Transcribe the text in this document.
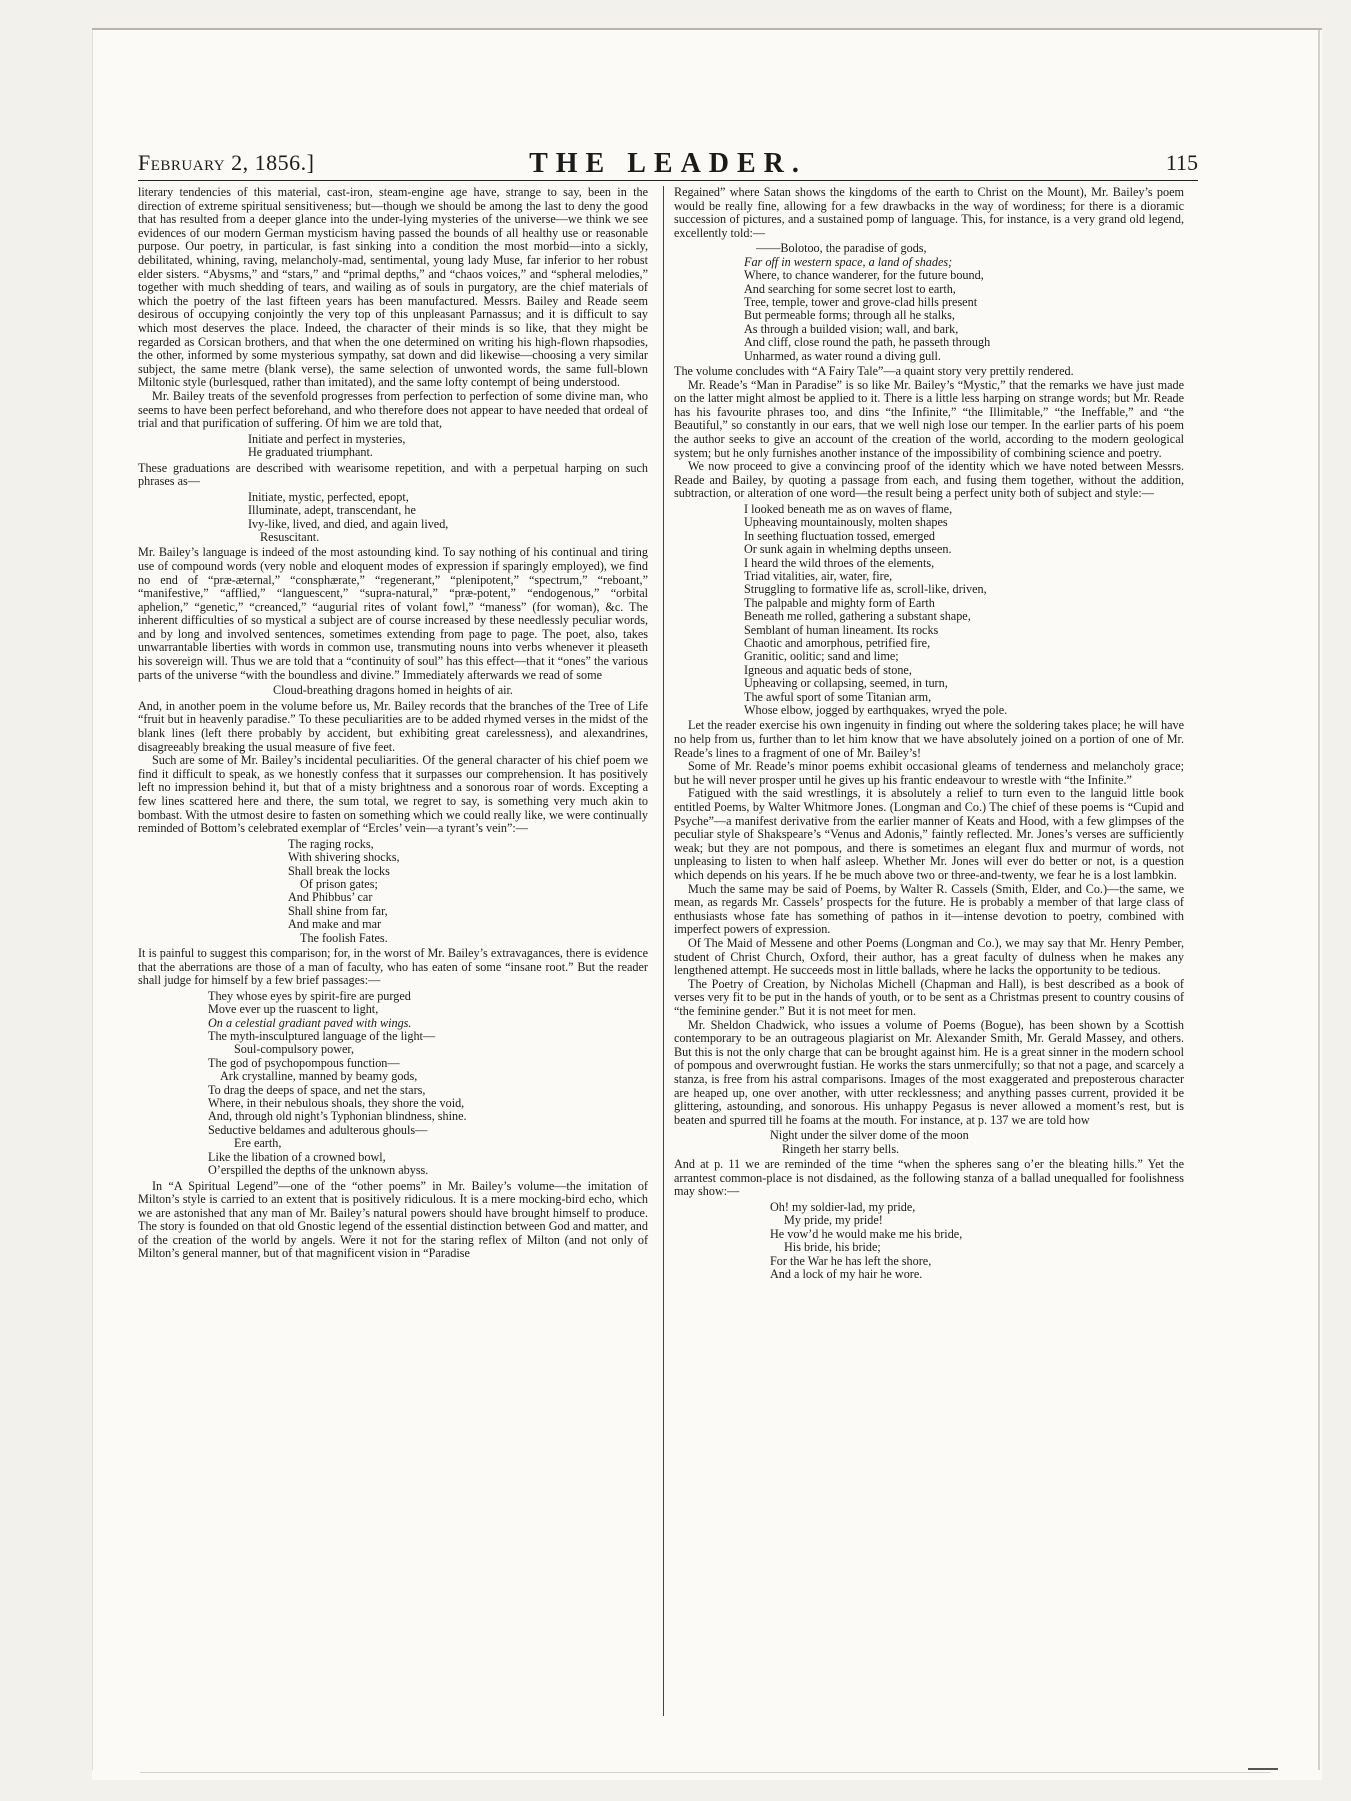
February 2, 1856.]	THE LEADER.	115

literary tendencies of this material, cast-iron, steam-engine age have, strange to say, been in the direction of extreme spiritual sensitiveness; but—though we should be among the last to deny the good that has resulted from a deeper glance into the under-lying mysteries of the universe—we think we see evidences of our modern German mysticism having passed the bounds of all healthy use or reasonable purpose. Our poetry, in particular, is fast sinking into a condition the most morbid—into a sickly, debilitated, whining, raving, melancholy-mad, sentimental, young lady Muse, far inferior to her robust elder sisters. “Abysms,” and “stars,” and “primal depths,” and “chaos voices,” and “spheral melodies,” together with much shedding of tears, and wailing as of souls in purgatory, are the chief materials of which the poetry of the last fifteen years has been manufactured. Messrs. Bailey and Reade seem desirous of occupying conjointly the very top of this unpleasant Parnassus; and it is difficult to say which most deserves the place. Indeed, the character of their minds is so like, that they might be regarded as Corsican brothers, and that when the one determined on writing his high-flown rhapsodies, the other, informed by some mysterious sympathy, sat down and did likewise—choosing a very similar subject, the same metre (blank verse), the same selection of unwonted words, the same full-blown Miltonic style (burlesqued, rather than imitated), and the same lofty contempt of being understood.

Mr. Bailey treats of the sevenfold progresses from perfection to perfection of some divine man, who seems to have been perfect beforehand, and who therefore does not appear to have needed that ordeal of trial and that purification of suffering. Of him we are told that,

Initiate and perfect in mysteries,
He graduated triumphant.

These graduations are described with wearisome repetition, and with a perpetual harping on such phrases as—

Initiate, mystic, perfected, epopt,
Illuminate, adept, transcendant, he
Ivy-like, lived, and died, and again lived,
Resuscitant.

Mr. Bailey’s language is indeed of the most astounding kind. To say nothing of his continual and tiring use of compound words (very noble and eloquent modes of expression if sparingly employed), we find no end of “præ-æternal,” “consphærate,” “regenerant,” “plenipotent,” “spectrum,” “reboant,” “manifestive,” “afflied,” “languescent,” “supra-natural,” “præ-potent,” “endogenous,” “orbital aphelion,” “genetic,” “creanced,” “augurial rites of volant fowl,” “maness” (for woman), &c. The inherent difficulties of so mystical a subject are of course increased by these needlessly peculiar words, and by long and involved sentences, sometimes extending from page to page. The poet, also, takes unwarrantable liberties with words in common use, transmuting nouns into verbs whenever it pleaseth his sovereign will. Thus we are told that a “continuity of soul” has this effect—that it “ones” the various parts of the universe “with the boundless and divine.” Immediately afterwards we read of some

Cloud-breathing dragons homed in heights of air.

And, in another poem in the volume before us, Mr. Bailey records that the branches of the Tree of Life “fruit but in heavenly paradise.” To these peculiarities are to be added rhymed verses in the midst of the blank lines (left there probably by accident, but exhibiting great carelessness), and alexandrines, disagreeably breaking the usual measure of five feet.

Such are some of Mr. Bailey’s incidental peculiarities. Of the general character of his chief poem we find it difficult to speak, as we honestly confess that it surpasses our comprehension. It has positively left no impression behind it, but that of a misty brightness and a sonorous roar of words. Excepting a few lines scattered here and there, the sum total, we regret to say, is something very much akin to bombast. With the utmost desire to fasten on something which we could really like, we were continually reminded of Bottom’s celebrated exemplar of “Ercles’ vein—a tyrant’s vein”:—

The raging rocks,
With shivering shocks,
Shall break the locks
Of prison gates;
And Phibbus’ car
Shall shine from far,
And make and mar
The foolish Fates.

It is painful to suggest this comparison; for, in the worst of Mr. Bailey’s extravagances, there is evidence that the aberrations are those of a man of faculty, who has eaten of some “insane root.” But the reader shall judge for himself by a few brief passages:—

They whose eyes by spirit-fire are purged
Move ever up the ruascent to light,
On a celestial gradiant paved with wings.
The myth-insculptured language of the light—
Soul-compulsory power,
The god of psychopompous function—
Ark crystalline, manned by beamy gods,
To drag the deeps of space, and net the stars,
Where, in their nebulous shoals, they shore the void,
And, through old night’s Typhonian blindness, shine.
Seductive beldames and adulterous ghouls—
Ere earth,
Like the libation of a crowned bowl,
O’erspilled the depths of the unknown abyss.

In “A Spiritual Legend”—one of the “other poems” in Mr. Bailey’s volume—the imitation of Milton’s style is carried to an extent that is positively ridiculous. It is a mere mocking-bird echo, which we are astonished that any man of Mr. Bailey’s natural powers should have brought himself to produce. The story is founded on that old Gnostic legend of the essential distinction between God and matter, and of the creation of the world by angels. Were it not for the staring reflex of Milton (and not only of Milton’s general manner, but of that magnificent vision in “Paradise

Regained” where Satan shows the kingdoms of the earth to Christ on the Mount), Mr. Bailey’s poem would be really fine, allowing for a few drawbacks in the way of wordiness; for there is a dioramic succession of pictures, and a sustained pomp of language. This, for instance, is a very grand old legend, excellently told:—

——Bolotoo, the paradise of gods,
Far off in western space, a land of shades;
Where, to chance wanderer, for the future bound,
And searching for some secret lost to earth,
Tree, temple, tower and grove-clad hills present
But permeable forms; through all he stalks,
As through a builded vision; wall, and bark,
And cliff, close round the path, he passeth through
Unharmed, as water round a diving gull.

The volume concludes with “A Fairy Tale”—a quaint story very prettily rendered.

Mr. Reade’s “Man in Paradise” is so like Mr. Bailey’s “Mystic,” that the remarks we have just made on the latter might almost be applied to it. There is a little less harping on strange words; but Mr. Reade has his favourite phrases too, and dins “the Infinite,” “the Illimitable,” “the Ineffable,” and “the Beautiful,” so constantly in our ears, that we well nigh lose our temper. In the earlier parts of his poem the author seeks to give an account of the creation of the world, according to the modern geological system; but he only furnishes another instance of the impossibility of combining science and poetry.

We now proceed to give a convincing proof of the identity which we have noted between Messrs. Reade and Bailey, by quoting a passage from each, and fusing them together, without the addition, subtraction, or alteration of one word—the result being a perfect unity both of subject and style:—

I looked beneath me as on waves of flame,
Upheaving mountainously, molten shapes
In seething fluctuation tossed, emerged
Or sunk again in whelming depths unseen.
I heard the wild throes of the elements,
Triad vitalities, air, water, fire,
Struggling to formative life as, scroll-like, driven,
The palpable and mighty form of Earth
Beneath me rolled, gathering a substant shape,
Semblant of human lineament. Its rocks
Chaotic and amorphous, petrified fire,
Granitic, oolitic; sand and lime;
Igneous and aquatic beds of stone,
Upheaving or collapsing, seemed, in turn,
The awful sport of some Titanian arm,
Whose elbow, jogged by earthquakes, wryed the pole.

Let the reader exercise his own ingenuity in finding out where the soldering takes place; he will have no help from us, further than to let him know that we have absolutely joined on a portion of one of Mr. Reade’s lines to a fragment of one of Mr. Bailey’s!

Some of Mr. Reade’s minor poems exhibit occasional gleams of tenderness and melancholy grace; but he will never prosper until he gives up his frantic endeavour to wrestle with “the Infinite.”

Fatigued with the said wrestlings, it is absolutely a relief to turn even to the languid little book entitled Poems, by Walter Whitmore Jones. (Longman and Co.) The chief of these poems is “Cupid and Psyche”—a manifest derivative from the earlier manner of Keats and Hood, with a few glimpses of the peculiar style of Shakspeare’s “Venus and Adonis,” faintly reflected. Mr. Jones’s verses are sufficiently weak; but they are not pompous, and there is sometimes an elegant flux and murmur of words, not unpleasing to listen to when half asleep. Whether Mr. Jones will ever do better or not, is a question which depends on his years. If he be much above two or three-and-twenty, we fear he is a lost lambkin.

Much the same may be said of Poems, by Walter R. Cassels (Smith, Elder, and Co.)—the same, we mean, as regards Mr. Cassels’ prospects for the future. He is probably a member of that large class of enthusiasts whose fate has something of pathos in it—intense devotion to poetry, combined with imperfect powers of expression.

Of The Maid of Messene and other Poems (Longman and Co.), we may say that Mr. Henry Pember, student of Christ Church, Oxford, their author, has a great faculty of dulness when he makes any lengthened attempt. He succeeds most in little ballads, where he lacks the opportunity to be tedious.

The Poetry of Creation, by Nicholas Michell (Chapman and Hall), is best described as a book of verses very fit to be put in the hands of youth, or to be sent as a Christmas present to country cousins of “the feminine gender.” But it is not meet for men.

Mr. Sheldon Chadwick, who issues a volume of Poems (Bogue), has been shown by a Scottish contemporary to be an outrageous plagiarist on Mr. Alexander Smith, Mr. Gerald Massey, and others. But this is not the only charge that can be brought against him. He is a great sinner in the modern school of pompous and overwrought fustian. He works the stars unmercifully; so that not a page, and scarcely a stanza, is free from his astral comparisons. Images of the most exaggerated and preposterous character are heaped up, one over another, with utter recklessness; and anything passes current, provided it be glittering, astounding, and sonorous. His unhappy Pegasus is never allowed a moment’s rest, but is beaten and spurred till he foams at the mouth. For instance, at p. 137 we are told how

Night under the silver dome of the moon
Ringeth her starry bells.

And at p. 11 we are reminded of the time “when the spheres sang o’er the bleating hills.” Yet the arrantest common-place is not disdained, as the following stanza of a ballad unequalled for foolishness may show:—

Oh! my soldier-lad, my pride,
My pride, my pride!
He vow’d he would make me his bride,
His bride, his bride;
For the War he has left the shore,
And a lock of my hair he wore.
